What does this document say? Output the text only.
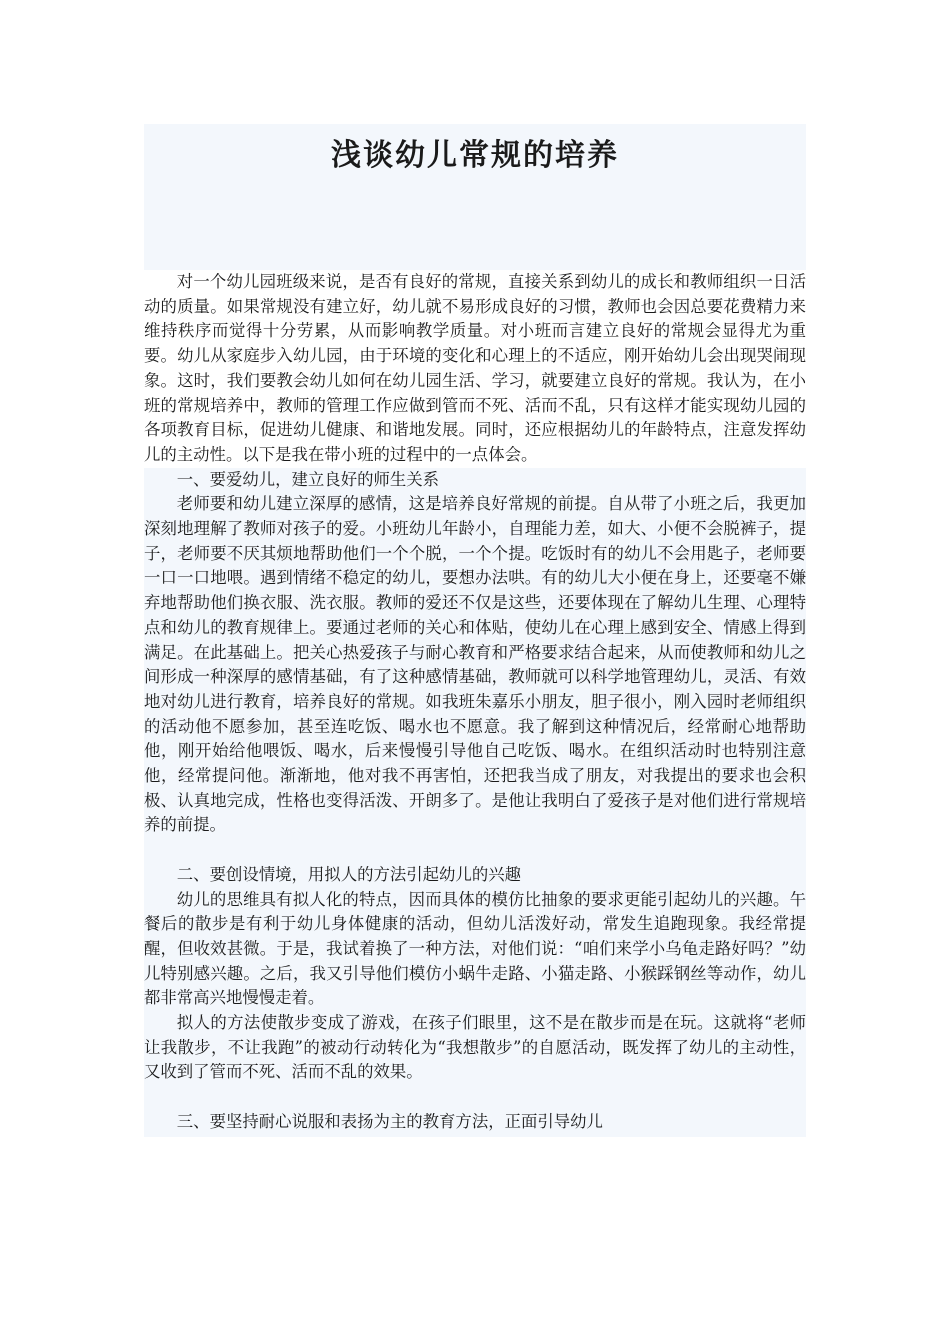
浅谈幼儿常规的培养

对一个幼儿园班级来说，是否有良好的常规，直接关系到幼儿的成长和教师组织一日活动的质量。如果常规没有建立好，幼儿就不易形成良好的习惯，教师也会因总要花费精力来维持秩序而觉得十分劳累，从而影响教学质量。对小班而言建立良好的常规会显得尤为重要。幼儿从家庭步入幼儿园，由于环境的变化和心理上的不适应，刚开始幼儿会出现哭闹现象。这时，我们要教会幼儿如何在幼儿园生活、学习，就要建立良好的常规。我认为，在小班的常规培养中，教师的管理工作应做到管而不死、活而不乱，只有这样才能实现幼儿园的各项教育目标，促进幼儿健康、和谐地发展。同时，还应根据幼儿的年龄特点，注意发挥幼儿的主动性。以下是我在带小班的过程中的一点体会。

一、要爱幼儿，建立良好的师生关系

老师要和幼儿建立深厚的感情，这是培养良好常规的前提。自从带了小班之后，我更加深刻地理解了教师对孩子的爱。小班幼儿年龄小，自理能力差，如大、小便不会脱裤子，提子，老师要不厌其烦地帮助他们一个个脱，一个个提。吃饭时有的幼儿不会用匙子，老师要一口一口地喂。遇到情绪不稳定的幼儿，要想办法哄。有的幼儿大小便在身上，还要毫不嫌弃地帮助他们换衣服、洗衣服。教师的爱还不仅是这些，还要体现在了解幼儿生理、心理特点和幼儿的教育规律上。要通过老师的关心和体贴，使幼儿在心理上感到安全、情感上得到满足。在此基础上。把关心热爱孩子与耐心教育和严格要求结合起来，从而使教师和幼儿之间形成一种深厚的感情基础，有了这种感情基础，教师就可以科学地管理幼儿，灵活、有效地对幼儿进行教育，培养良好的常规。如我班朱嘉乐小朋友，胆子很小，刚入园时老师组织的活动他不愿参加，甚至连吃饭、喝水也不愿意。我了解到这种情况后，经常耐心地帮助他，刚开始给他喂饭、喝水，后来慢慢引导他自己吃饭、喝水。在组织活动时也特别注意他，经常提问他。渐渐地，他对我不再害怕，还把我当成了朋友，对我提出的要求也会积极、认真地完成，性格也变得活泼、开朗多了。是他让我明白了爱孩子是对他们进行常规培养的前提。

二、要创设情境，用拟人的方法引起幼儿的兴趣

幼儿的思维具有拟人化的特点，因而具体的模仿比抽象的要求更能引起幼儿的兴趣。午餐后的散步是有利于幼儿身体健康的活动，但幼儿活泼好动，常发生追跑现象。我经常提醒，但收效甚微。于是，我试着换了一种方法，对他们说：“咱们来学小乌龟走路好吗？”幼儿特别感兴趣。之后，我又引导他们模仿小蜗牛走路、小猫走路、小猴踩钢丝等动作，幼儿都非常高兴地慢慢走着。

拟人的方法使散步变成了游戏，在孩子们眼里，这不是在散步而是在玩。这就将“老师让我散步，不让我跑”的被动行动转化为“我想散步”的自愿活动，既发挥了幼儿的主动性，又收到了管而不死、活而不乱的效果。

三、要坚持耐心说服和表扬为主的教育方法，正面引导幼儿
